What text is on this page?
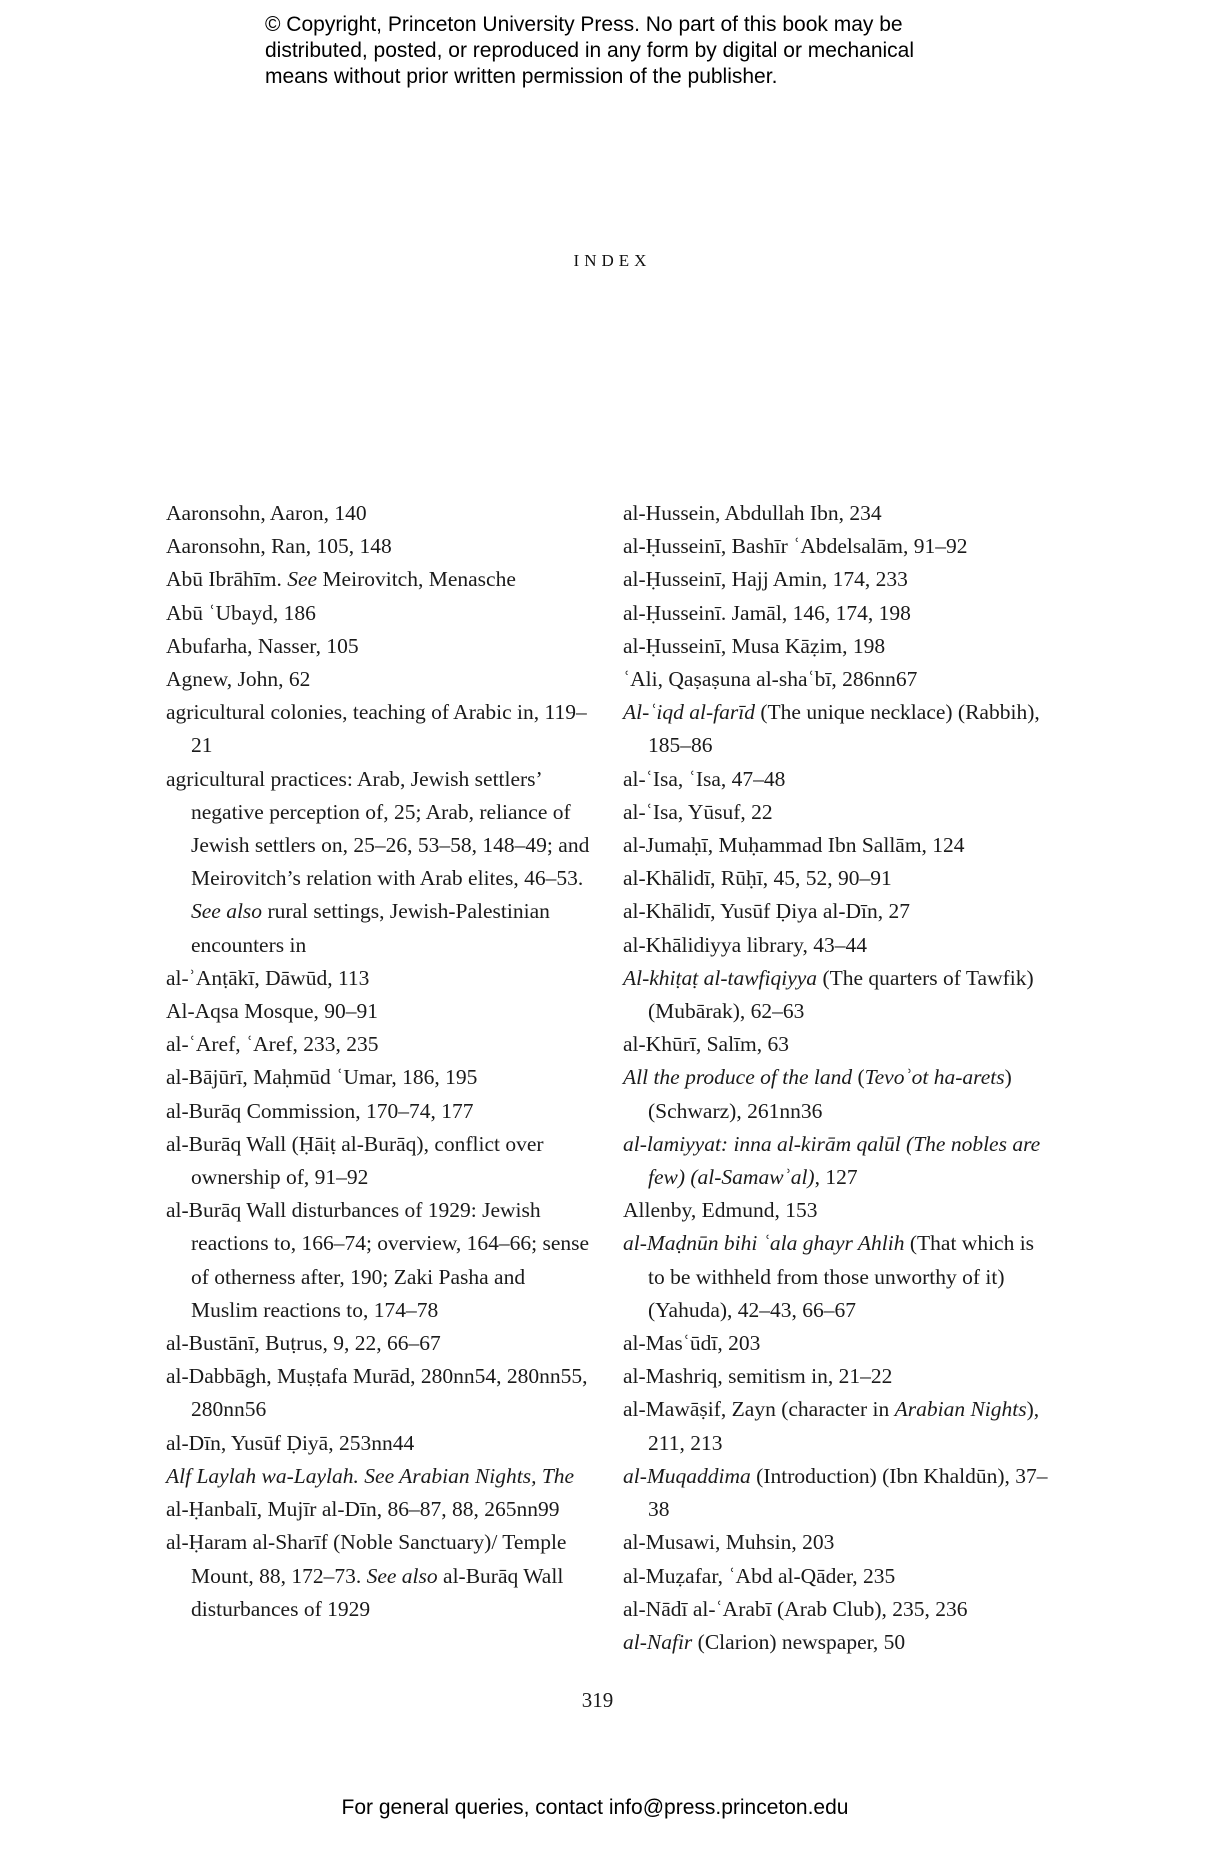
© Copyright, Princeton University Press. No part of this book may be
distributed, posted, or reproduced in any form by digital or mechanical
means without prior written permission of the publisher.
index

Aaronsohn, Aaron, 140

Aaronsohn, Ran, 105, 148

Abū Ibrāhīm. See Meirovitch, Menasche

Abū ʿUbayd, 186

Abufarha, Nasser, 105

Agnew, John, 62

agricultural colonies, teaching of Arabic in, 119–21

agricultural practices: Arab, Jewish settlers’ negative perception of, 25; Arab, reliance of Jewish settlers on, 25–26, 53–58, 148–49; and Meirovitch’s relation with Arab elites, 46–53. See also rural settings, Jewish-Palestinian encounters in

al-ʾAnṭākī, Dāwūd, 113

Al-Aqsa Mosque, 90–91

al-ʿAref, ʿAref, 233, 235

al-Bājūrī, Maḥmūd ʿUmar, 186, 195

al-Burāq Commission, 170–74, 177

al-Burāq Wall (Ḥāiṭ al-Burāq), conflict over ownership of, 91–92

al-Burāq Wall disturbances of 1929: Jewish reactions to, 166–74; overview, 164–66; sense of otherness after, 190; Zaki Pasha and Muslim reactions to, 174–78

al-Bustānī, Buṭrus, 9, 22, 66–67

al-Dabbāgh, Muṣṭafa Murād, 280nn54, 280nn55, 280nn56

al-Dīn, Yusūf Ḍiyā, 253nn44

Alf Laylah wa-Laylah. See Arabian Nights, The

al-Ḥanbalī, Mujīr al-Dīn, 86–87, 88, 265nn99

al-Ḥaram al-Sharīf (Noble Sanctuary)/ Temple Mount, 88, 172–73. See also al-Burāq Wall disturbances of 1929

al-Hussein, Abdullah Ibn, 234

al-Ḥusseinī, Bashīr ʿAbdelsalām, 91–92

al-Ḥusseinī, Hajj Amin, 174, 233

al-Ḥusseinī. Jamāl, 146, 174, 198

al-Ḥusseinī, Musa Kāẓim, 198

ʿAli, Qaṣaṣuna al-shaʿbī, 286nn67

Al-ʿiqd al-farīd (The unique necklace) (Rabbih), 185–86

al-ʿIsa, ʿIsa, 47–48

al-ʿIsa, Yūsuf, 22

al-Jumaḥī, Muḥammad Ibn Sallām, 124

al-Khālidī, Rūḥī, 45, 52, 90–91

al-Khālidī, Yusūf Ḍiya al-Dīn, 27

al-Khālidiyya library, 43–44

Al-khiṭaṭ al-tawfiqiyya (The quarters of Tawfik) (Mubārak), 62–63

al-Khūrī, Salīm, 63

All the produce of the land (Tevoʾot ha-arets) (Schwarz), 261nn36

al-lamiyyat: inna al-kirām qalūl (The nobles are few) (al-Samawʾal), 127

Allenby, Edmund, 153

al-Maḍnūn bihi ʿala ghayr Ahlih (That which is to be withheld from those unworthy of it) (Yahuda), 42–43, 66–67

al-Masʿūdī, 203

al-Mashriq, semitism in, 21–22

al-Mawāṣif, Zayn (character in Arabian Nights), 211, 213

al-Muqaddima (Introduction) (Ibn Khaldūn), 37–38

al-Musawi, Muhsin, 203

al-Muẓafar, ʿAbd al-Qāder, 235

al-Nādī al-ʿArabī (Arab Club), 235, 236

al-Nafir (Clarion) newspaper, 50

319
For general queries, contact info@press.princeton.edu
